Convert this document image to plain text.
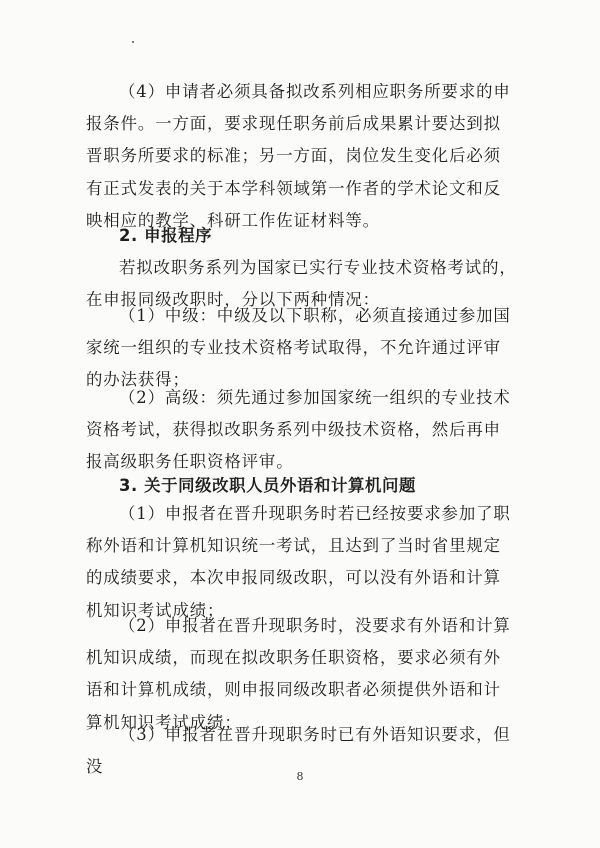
（4）申请者必须具备拟改系列相应职务所要求的申报条件。一方面，要求现任职务前后成果累计要达到拟晋职务所要求的标准；另一方面，岗位发生变化后必须有正式发表的关于本学科领域第一作者的学术论文和反映相应的教学、科研工作佐证材料等。

2. 申报程序

若拟改职务系列为国家已实行专业技术资格考试的，在申报同级改职时，分以下两种情况：

（1）中级：中级及以下职称，必须直接通过参加国家统一组织的专业技术资格考试取得，不允许通过评审的办法获得；

（2）高级：须先通过参加国家统一组织的专业技术资格考试，获得拟改职务系列中级技术资格，然后再申报高级职务任职资格评审。

3. 关于同级改职人员外语和计算机问题

（1）申报者在晋升现职务时若已经按要求参加了职称外语和计算机知识统一考试，且达到了当时省里规定的成绩要求，本次申报同级改职，可以没有外语和计算机知识考试成绩；

（2）申报者在晋升现职务时，没要求有外语和计算机知识成绩，而现在拟改职务任职资格，要求必须有外语和计算机成绩，则申报同级改职者必须提供外语和计算机知识考试成绩；

（3）申报者在晋升现职务时已有外语知识要求，但没

8
